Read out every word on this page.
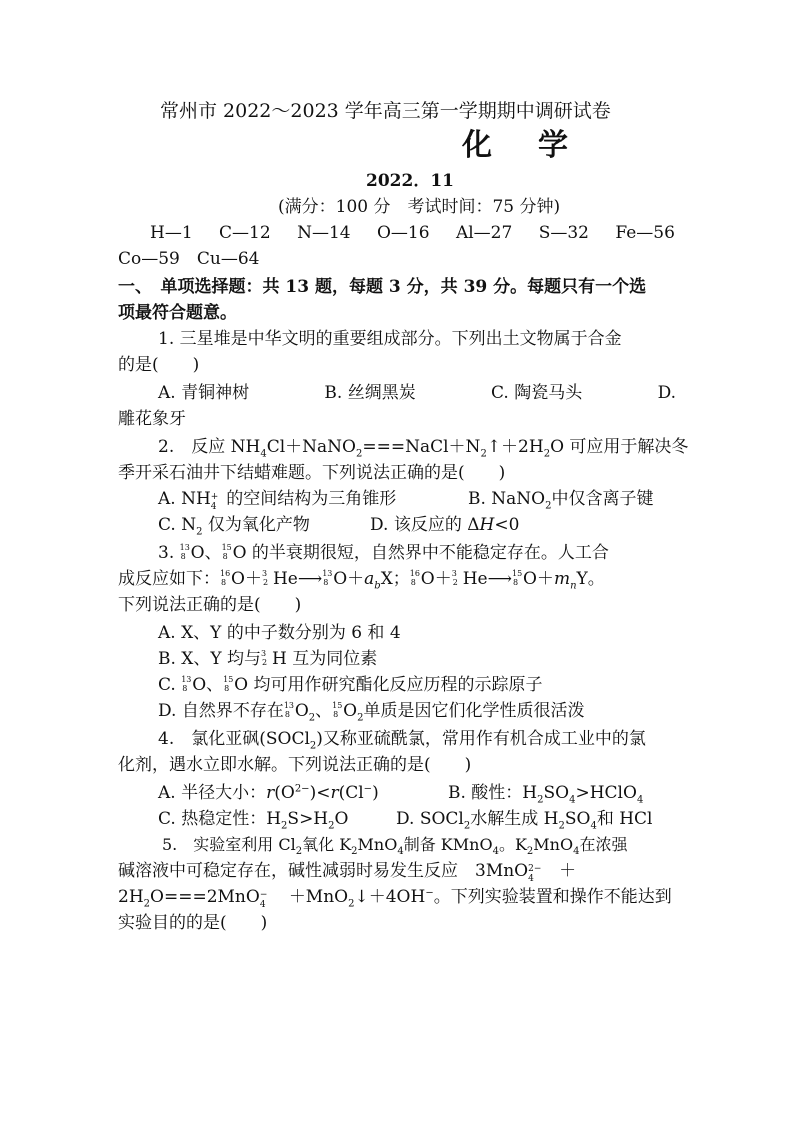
常州市 2022～2023 学年高三第一学期期中调研试卷
化学
2022．11
(满分：100 分　考试时间：75 分钟)
H—1 C—12 N—14 O—16 Al—27 S—32 Fe—56
Co—59　 Cu—64
一、　单项选择题：共 13 题，每题 3 分，共 39 分。每题只有一个选
项最符合题意。
1. 三星堆是中华文明的重要组成部分。下列出土文物属于合金
的是(　　)
A. 青铜神树	B. 丝绸黑炭	C. 陶瓷马头	D.
雕花象牙
2.　 反应 $NH_4Cl+NaNO_2===NaCl+N_2↑+2H_2O$ 可应用于解决冬
季开采石油井下结蜡难题。下列说法正确的是(　　)
A. NH +
4 的空间结构为三角锥形	B. NaNO$_2$中仅含离子键
C. $N_2$ 仅为氧化产物	D. 该反应的 ΔH<0
3. 13
8 O、 15
8 O 的半衰期很短，自然界中不能稳定存在。人工合
成反应如下： 16
8 O＋ 3
2 He⟶ 13
8 $O+a_bX$； 16
8 O＋ 3
2 He⟶ 15
8 $O+m_nY$。
下列说法正确的是(　　)
A. X、Y 的中子数分别为 6 和 4
B. X、Y 均与 3
2 H 互为同位素
C. 13
8 O、 15
8 O 均可用作研究酯化反应历程的示踪原子
D. 自然界不存在 13
8 $O_2$、 15
8 $O_2$单质是因它们化学性质很活泼
4.　 氯化亚砜(SOCl$_2$)又称亚硫酰氯，常用作有机合成工业中的氯
化剂，遇水立即水解。下列说法正确的是(　　)
A. 半径大小：$r(O^{2-})<r(Cl^-)$	B. 酸性：$H_2SO_4>HClO_4$
C. 热稳定性：$H_2S>H_2O$	D. SOCl$_2$水解生成 $H_2SO_4$和 HCl
5.　 实验室利用 $Cl_2$氧化 $K_2MnO_4$制备 KMnO$_4$。$K_2MnO_4$在浓强
碱溶液中可稳定存在，碱性减弱时易发生反应　3MnO 2−
4
　 ＋
$2H_2O===2MnO$ −
4
　 ＋MnO$_2$↓＋4OH−。下列实验装置和操作不能达到
实验目的的是(　　)
